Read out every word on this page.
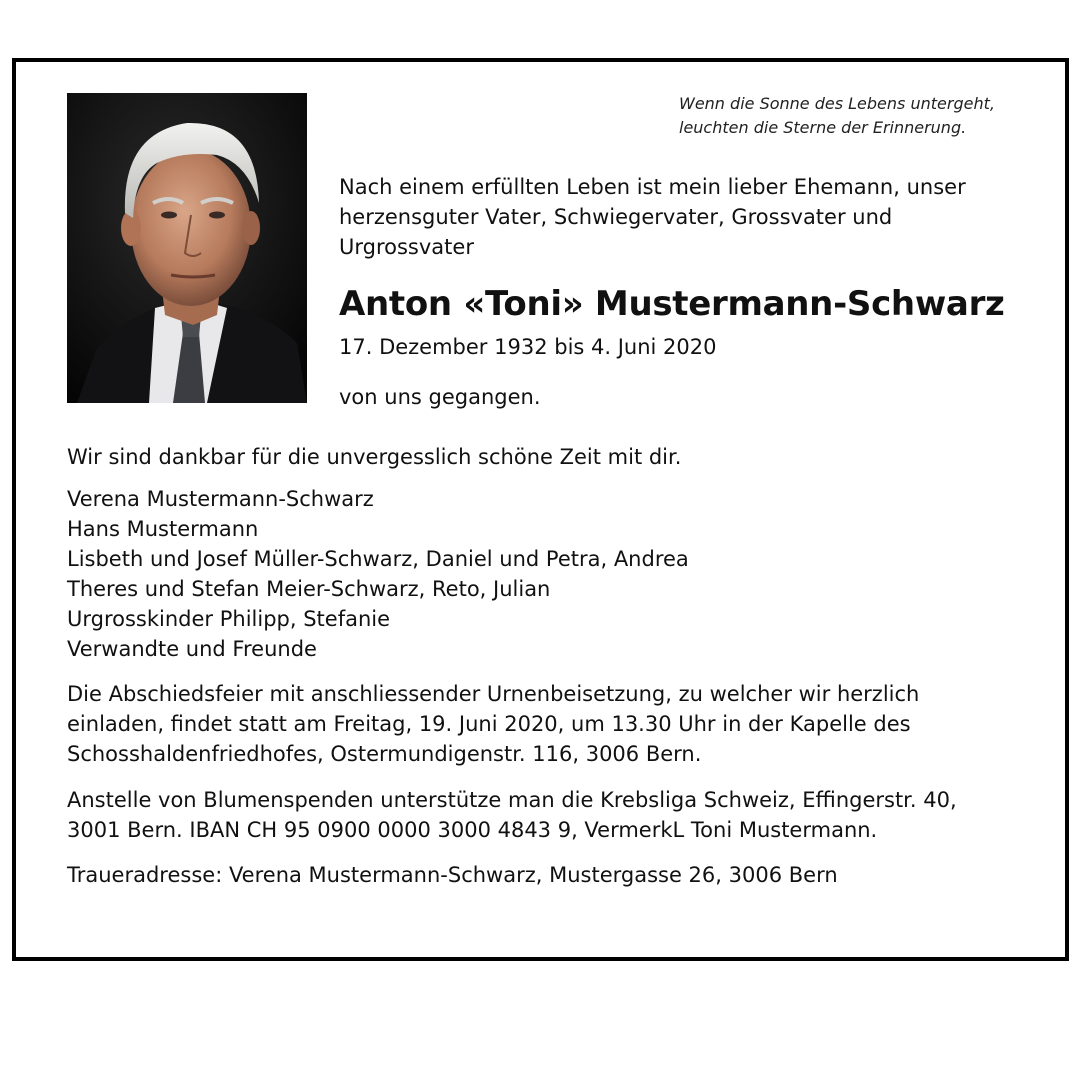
Wenn die Sonne des Lebens untergeht,
leuchten die Sterne der Erinnerung.
Nach einem erfüllten Leben ist mein lieber Ehemann, unser
herzensguter Vater, Schwiegervater, Grossvater und
Urgrossvater
Anton «Toni» Mustermann-Schwarz
17. Dezember 1932 bis 4. Juni 2020
von uns gegangen.
Wir sind dankbar für die unvergesslich schöne Zeit mit dir.
Verena Mustermann-Schwarz
Hans Mustermann
Lisbeth und Josef Müller-Schwarz, Daniel und Petra, Andrea
Theres und Stefan Meier-Schwarz, Reto, Julian
Urgrosskinder Philipp, Stefanie
Verwandte und Freunde
Die Abschiedsfeier mit anschliessender Urnenbeisetzung, zu welcher wir herzlich
einladen, findet statt am Freitag, 19. Juni 2020, um 13.30 Uhr in der Kapelle des
Schosshaldenfriedhofes, Ostermundigenstr. 116, 3006 Bern.
Anstelle von Blumenspenden unterstütze man die Krebsliga Schweiz, Effingerstr. 40,
3001 Bern. IBAN CH 95 0900 0000 3000 4843 9, VermerkL Toni Mustermann.
Traueradresse: Verena Mustermann-Schwarz, Mustergasse 26, 3006 Bern
